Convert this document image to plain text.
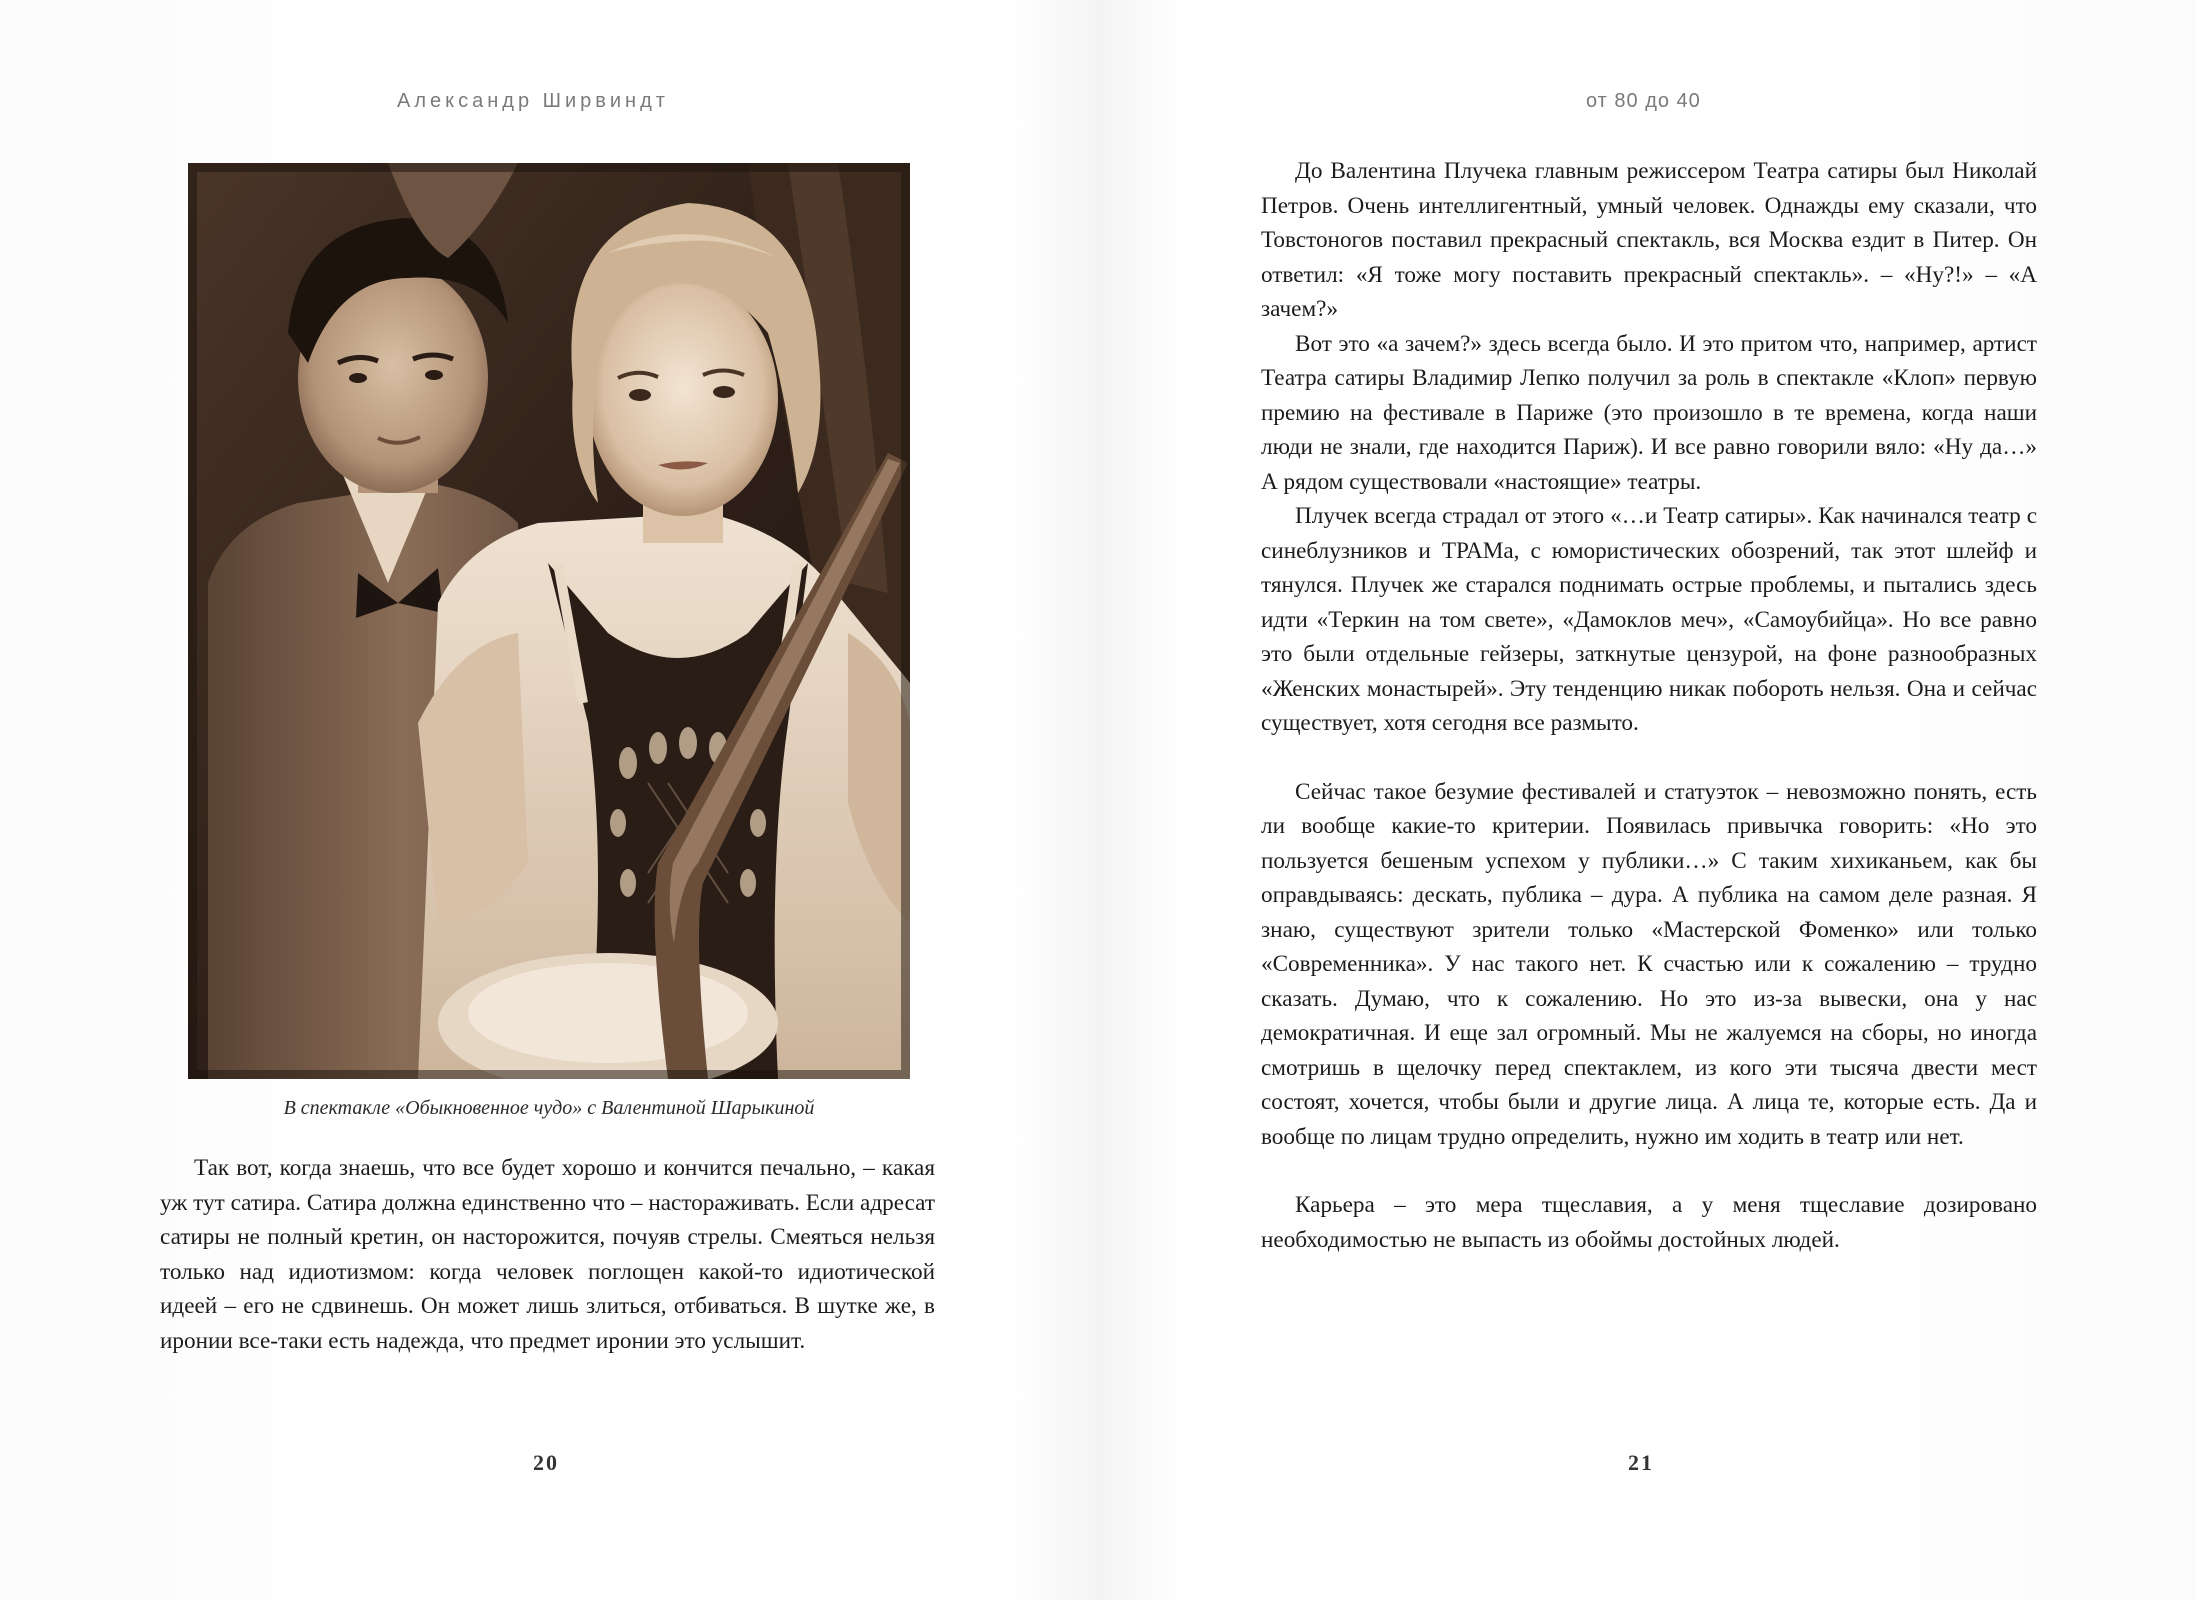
Александр Ширвиндт
В спектакле «Обыкновенное чудо» с Валентиной Шарыкиной

Так вот, когда знаешь, что все будет хорошо и кончится печально, – какая уж тут сатира. Сатира должна единственно что – настораживать. Если адресат сатиры не полный кретин, он насторожится, почуяв стрелы. Смеяться нельзя только над идиотизмом: когда человек поглощен какой-то идиотической идеей – его не сдвинешь. Он может лишь злиться, отбиваться. В шутке же, в иронии все-таки есть надежда, что предмет иронии это услышит.

20
от 80 до 40

До Валентина Плучека главным режиссером Театра сатиры был Николай Петров. Очень интеллигентный, умный человек. Однажды ему сказали, что Товстоногов поставил прекрасный спектакль, вся Москва ездит в Питер. Он ответил: «Я тоже могу поставить прекрасный спектакль». – «Ну?!» – «А зачем?»

Вот это «а зачем?» здесь всегда было. И это притом что, например, артист Театра сатиры Владимир Лепко получил за роль в спектакле «Клоп» первую премию на фестивале в Париже (это произошло в те времена, когда наши люди не знали, где находится Париж). И все равно говорили вяло: «Ну да…» А рядом существовали «настоящие» театры.

Плучек всегда страдал от этого «…и Театр сатиры». Как начинался театр с синеблузников и ТРАМа, с юмористических обозрений, так этот шлейф и тянулся. Плучек же старался поднимать острые проблемы, и пытались здесь идти «Теркин на том свете», «Дамоклов меч», «Самоубийца». Но все равно это были отдельные гейзеры, заткнутые цензурой, на фоне разнообразных «Женских монастырей». Эту тенденцию никак побороть нельзя. Она и сейчас существует, хотя сегодня все размыто.

Сейчас такое безумие фестивалей и статуэток – невозможно понять, есть ли вообще какие-то критерии. Появилась привычка говорить: «Но это пользуется бешеным успехом у публики…» С таким хихиканьем, как бы оправдываясь: дескать, публика – дура. А публика на самом деле разная. Я знаю, существуют зрители только «Мастерской Фоменко» или только «Современника». У нас такого нет. К счастью или к сожалению – трудно сказать. Думаю, что к сожалению. Но это из-за вывески, она у нас демократичная. И еще зал огромный. Мы не жалуемся на сборы, но иногда смотришь в щелочку перед спектаклем, из кого эти тысяча двести мест состоят, хочется, чтобы были и другие лица. А лица те, которые есть. Да и вообще по лицам трудно определить, нужно им ходить в театр или нет.

Карьера – это мера тщеславия, а у меня тщеславие дозировано необходимостью не выпасть из обоймы достойных людей.

21
